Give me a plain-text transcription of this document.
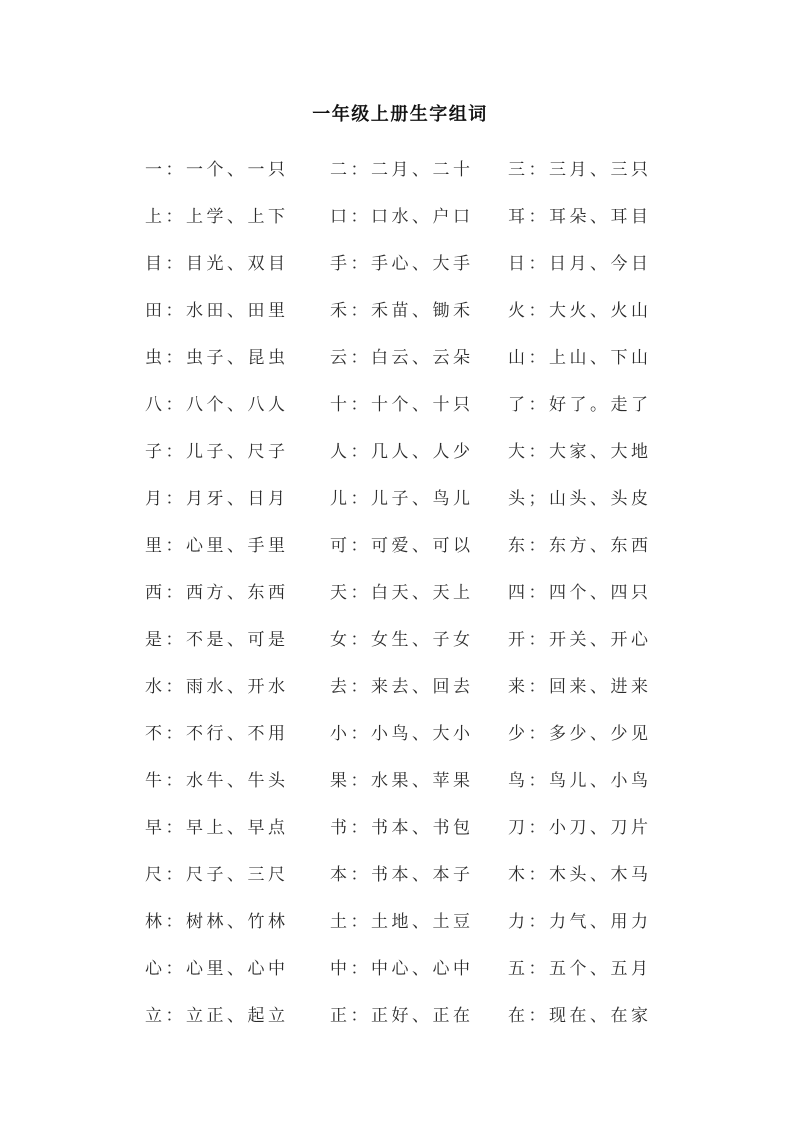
一年级上册生字组词
一：一个、一只	二：二月、二十	三：三月、三只
上：上学、上下	口：口水、户口	耳：耳朵、耳目
目：目光、双目	手：手心、大手	日：日月、今日
田：水田、田里	禾：禾苗、锄禾	火：大火、火山
虫：虫子、昆虫	云：白云、云朵	山：上山、下山
八：八个、八人	十：十个、十只	了：好了。走了
子：儿子、尺子	人：几人、人少	大：大家、大地
月：月牙、日月	儿：儿子、鸟儿	头；山头、头皮
里：心里、手里	可：可爱、可以	东：东方、东西
西：西方、东西	天：白天、天上	四：四个、四只
是：不是、可是	女：女生、子女	开：开关、开心
水：雨水、开水	去：来去、回去	来：回来、进来
不：不行、不用	小：小鸟、大小	少：多少、少见
牛：水牛、牛头	果：水果、苹果	鸟：鸟儿、小鸟
早：早上、早点	书：书本、书包	刀：小刀、刀片
尺：尺子、三尺	本：书本、本子	木：木头、木马
林：树林、竹林	土：土地、土豆	力：力气、用力
心：心里、心中	中：中心、心中	五：五个、五月
立：立正、起立	正：正好、正在	在：现在、在家
